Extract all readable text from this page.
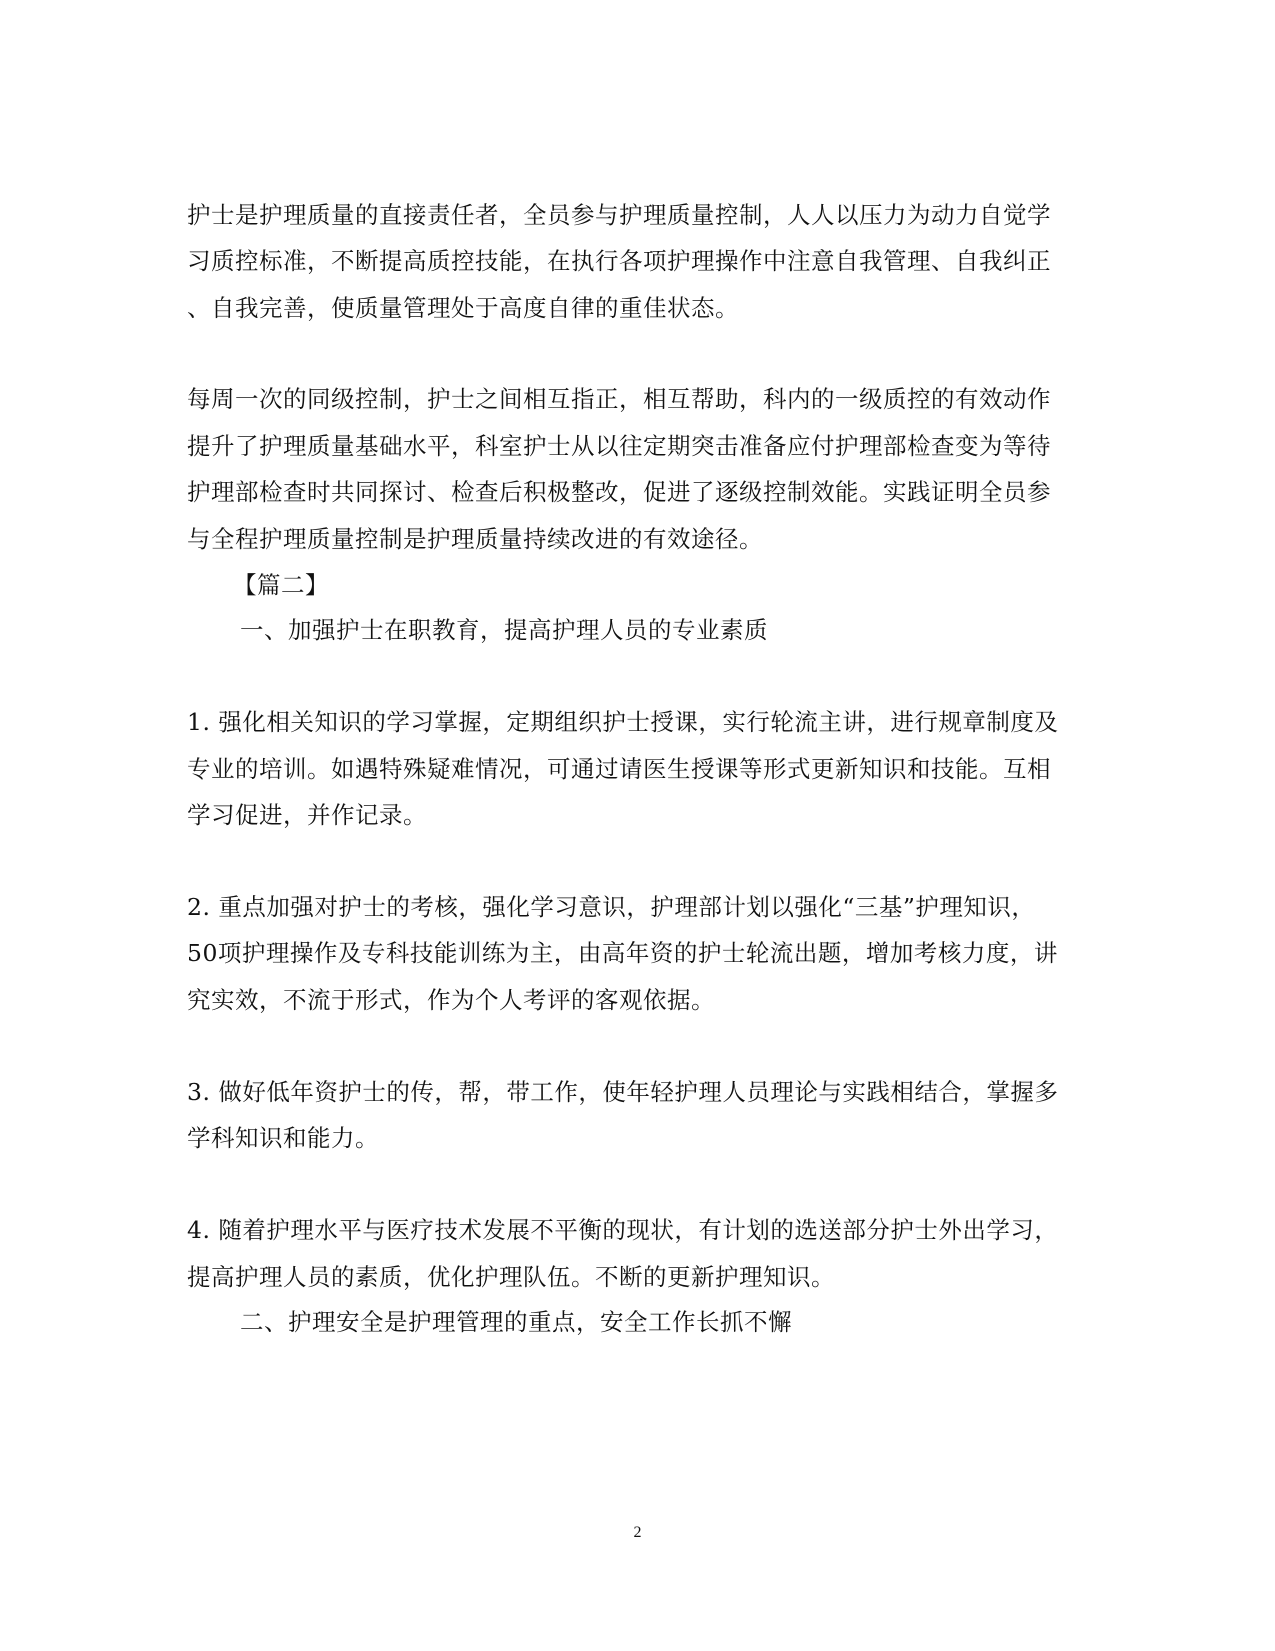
护士是护理质量的直接责任者，全员参与护理质量控制，人人以压力为动力自觉学
习质控标准，不断提高质控技能，在执行各项护理操作中注意自我管理、自我纠正
、自我完善，使质量管理处于高度自律的重佳状态。
每周一次的同级控制，护士之间相互指正，相互帮助，科内的一级质控的有效动作
提升了护理质量基础水平，科室护士从以往定期突击准备应付护理部检查变为等待
护理部检查时共同探讨、检查后积极整改，促进了逐级控制效能。实践证明全员参
与全程护理质量控制是护理质量持续改进的有效途径。
【篇二】
一、加强护士在职教育，提高护理人员的专业素质
1. 强化相关知识的学习掌握，定期组织护士授课，实行轮流主讲，进行规章制度及
专业的培训。如遇特殊疑难情况，可通过请医生授课等形式更新知识和技能。互相
学习促进，并作记录。
2. 重点加强对护士的考核，强化学习意识，护理部计划以强化“三基”护理知识，
50项护理操作及专科技能训练为主，由高年资的护士轮流出题，增加考核力度，讲
究实效，不流于形式，作为个人考评的客观依据。
3. 做好低年资护士的传，帮，带工作，使年轻护理人员理论与实践相结合，掌握多
学科知识和能力。
4. 随着护理水平与医疗技术发展不平衡的现状，有计划的选送部分护士外出学习，
提高护理人员的素质，优化护理队伍。不断的更新护理知识。
二、护理安全是护理管理的重点，安全工作长抓不懈
2
